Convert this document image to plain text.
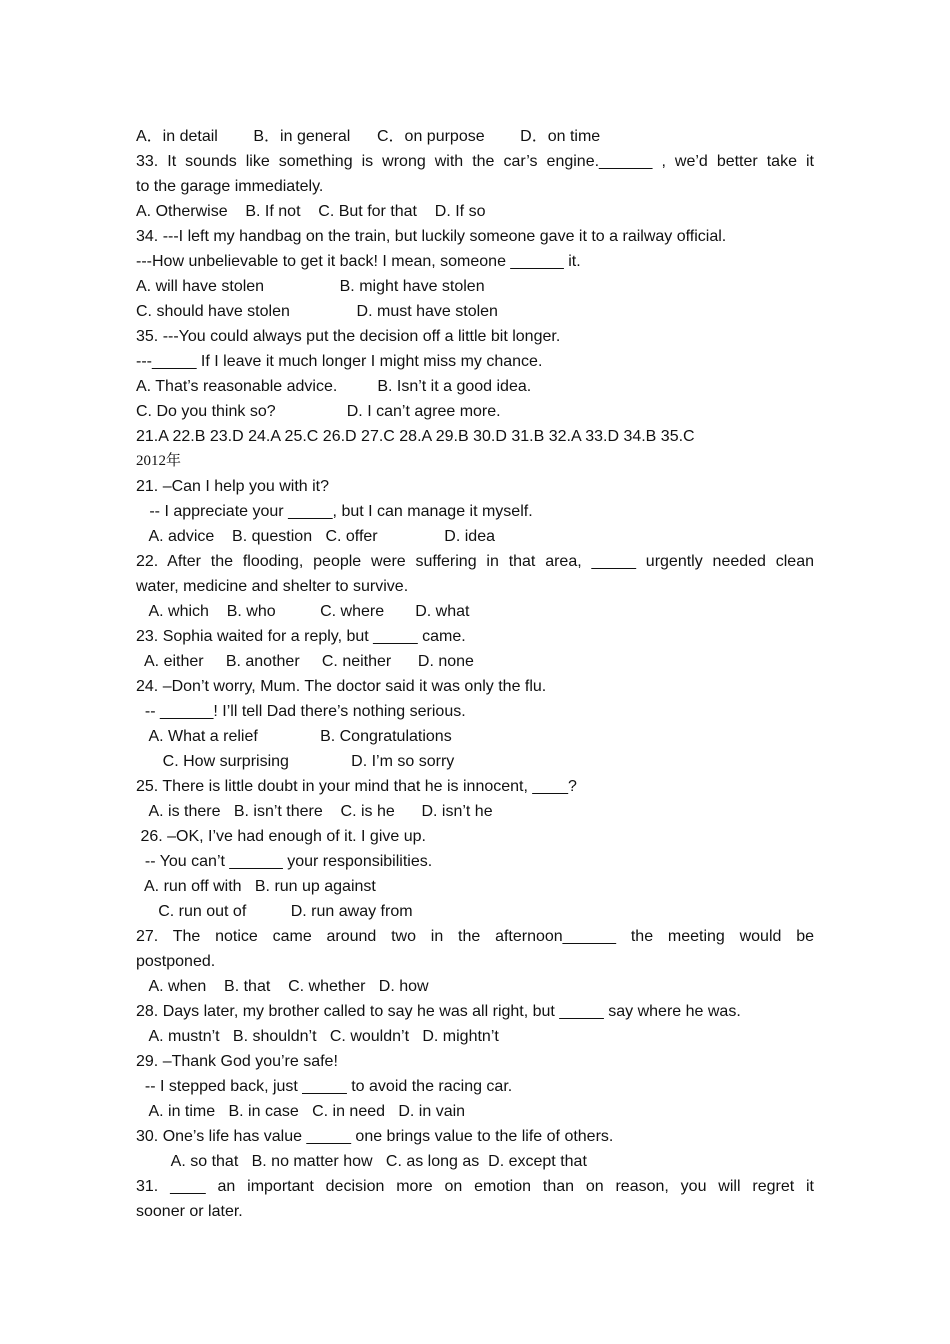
A．in detail        B．in general      C．on purpose        D．on time
33. It sounds like something is wrong with the car’s engine.______ , we’d better take it
to the garage immediately.
A. Otherwise    B. If not    C. But for that    D. If so
34. ---I left my handbag on the train, but luckily someone gave it to a railway official.
---How unbelievable to get it back! I mean, someone ______ it.
A. will have stolen                 B. might have stolen
C. should have stolen               D. must have stolen
35. ---You could always put the decision off a little bit longer.
---_____ If I leave it much longer I might miss my chance.
A. That’s reasonable advice.         B. Isn’t it a good idea.
C. Do you think so?                D. I can’t agree more.
21.A 22.B 23.D 24.A 25.C 26.D 27.C 28.A 29.B 30.D 31.B 32.A 33.D 34.B 35.C
2012年
21. –Can I help you with it?
-- I appreciate your _____, but I can manage it myself.
A. advice    B. question   C. offer               D. idea
22. After the flooding, people were suffering in that area, _____ urgently needed clean
water, medicine and shelter to survive.
A. which    B. who          C. where       D. what
23. Sophia waited for a reply, but _____ came.
A. either     B. another     C. neither      D. none
24. –Don’t worry, Mum. The doctor said it was only the flu.
-- ______! I’ll tell Dad there’s nothing serious.
A. What a relief              B. Congratulations
C. How surprising              D. I’m so sorry
25. There is little doubt in your mind that he is innocent, ____?
A. is there   B. isn’t there    C. is he      D. isn’t he
26. –OK, I’ve had enough of it. I give up.
-- You can’t ______ your responsibilities.
A. run off with   B. run up against
C. run out of          D. run away from
27. The notice came around two in the afternoon______ the meeting would be
postponed.
A. when    B. that    C. whether   D. how
28. Days later, my brother called to say he was all right, but _____ say where he was.
A. mustn’t   B. shouldn’t   C. wouldn’t   D. mightn’t
29. –Thank God you’re safe!
-- I stepped back, just _____ to avoid the racing car.
A. in time   B. in case   C. in need   D. in vain
30. One’s life has value _____ one brings value to the life of others.
A. so that   B. no matter how   C. as long as  D. except that
31. ____ an important decision more on emotion than on reason, you will regret it
sooner or later.
